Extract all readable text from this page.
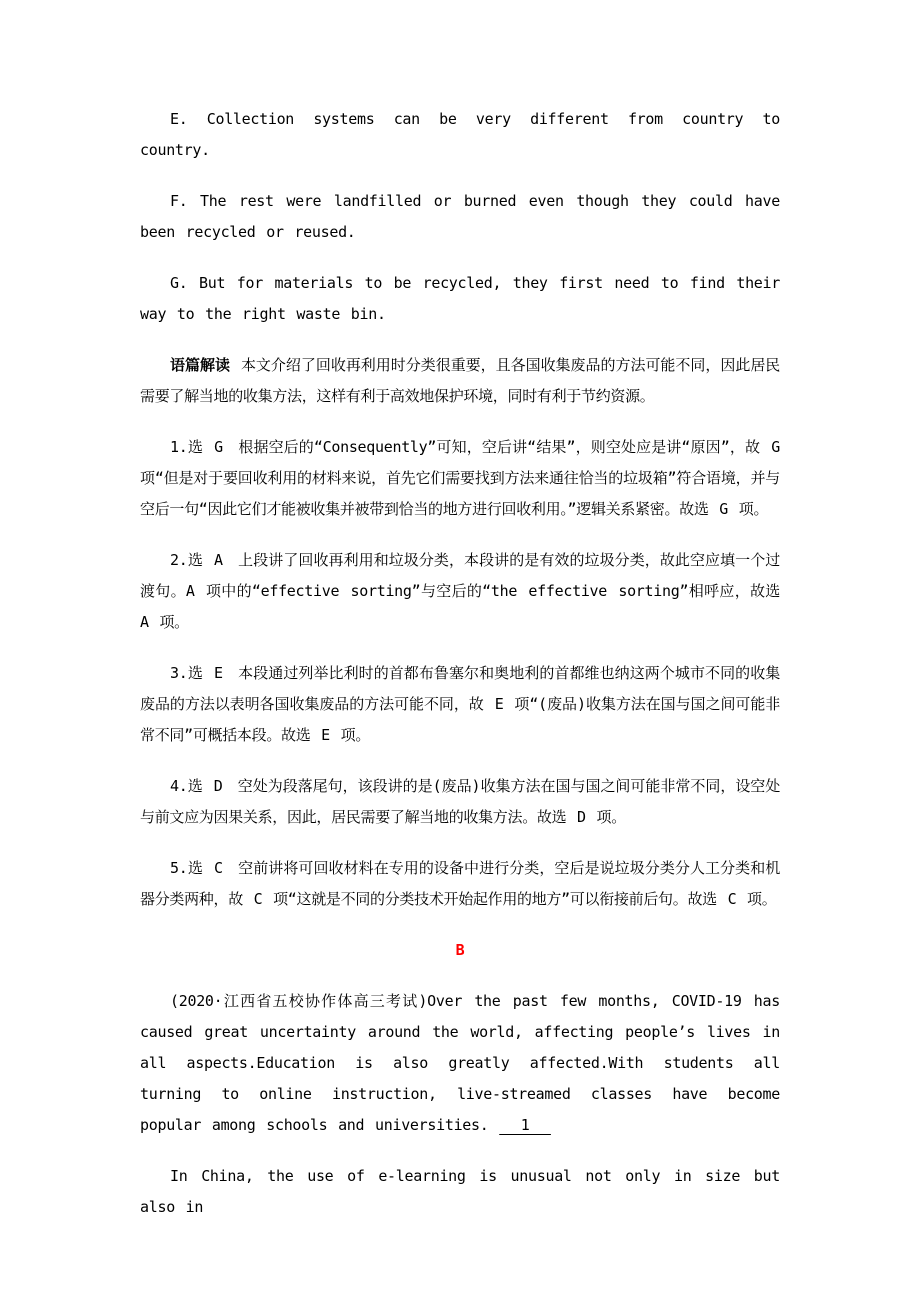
E. Collection systems can be very different from country to country.

F. The rest were landfilled or burned even though they could have been recycled or reused.

G. But for materials to be recycled, they first need to find their way to the right waste bin.

语篇解读 本文介绍了回收再利用时分类很重要，且各国收集废品的方法可能不同，因此居民需要了解当地的收集方法，这样有利于高效地保护环境，同时有利于节约资源。

1.选 G　根据空后的“Consequently”可知，空后讲“结果”，则空处应是讲“原因”，故 G 项“但是对于要回收利用的材料来说，首先它们需要找到方法来通往恰当的垃圾箱”符合语境，并与空后一句“因此它们才能被收集并被带到恰当的地方进行回收利用。”逻辑关系紧密。故选 G 项。

2.选 A　上段讲了回收再利用和垃圾分类，本段讲的是有效的垃圾分类，故此空应填一个过渡句。A 项中的“effective sorting”与空后的“the effective sorting”相呼应，故选 A 项。

3.选 E　本段通过列举比利时的首都布鲁塞尔和奥地利的首都维也纳这两个城市不同的收集废品的方法以表明各国收集废品的方法可能不同，故 E 项“(废品)收集方法在国与国之间可能非常不同”可概括本段。故选 E 项。

4.选 D　空处为段落尾句，该段讲的是(废品)收集方法在国与国之间可能非常不同，设空处与前文应为因果关系，因此，居民需要了解当地的收集方法。故选 D 项。

5.选 C　空前讲将可回收材料在专用的设备中进行分类，空后是说垃圾分类分人工分类和机器分类两种，故 C 项“这就是不同的分类技术开始起作用的地方”可以衔接前后句。故选 C 项。

B

(2020·江西省五校协作体高三考试)Over the past few months, COVID-19 has caused great uncertainty around the world, affecting people’s lives in all aspects.Education is also greatly affected.With students all turning to online instruction, live-streamed classes have become popular among schools and universities.   1

In China, the use of e-learning is unusual not only in size but also in
